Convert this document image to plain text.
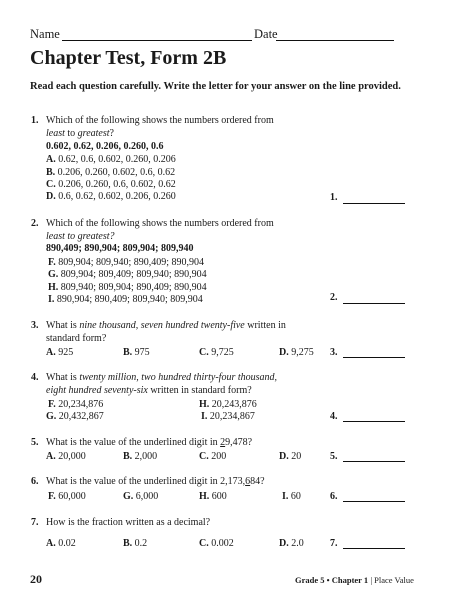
Name	Date
Chapter Test, Form 2B
Read each question carefully. Write the letter for your answer on the line provided.
1. Which of the following shows the numbers ordered from
least to greatest?
0.602, 0.62, 0.206, 0.260, 0.6
A. 0.62, 0.6, 0.602, 0.260, 0.206
B. 0.206, 0.260, 0.602, 0.6, 0.62
C. 0.206, 0.260, 0.6, 0.602, 0.62
D. 0.6, 0.62, 0.602, 0.206, 0.260	1.
2. Which of the following shows the numbers ordered from
least to greatest?
890,409; 890,904; 809,904; 809,940
F. 809,904; 809,940; 890,409; 890,904
G. 809,904; 809,409; 809,940; 890,904
H. 809,940; 809,904; 890,409; 890,904
I. 890,904; 890,409; 809,940; 809,904	2.
3. What is nine thousand, seven hundred twenty-five written in
standard form?
A. 925	B. 975	C. 9,725	D. 9,275 3.
4. What is twenty million, two hundred thirty-four thousand,
eight hundred seventy-six written in standard form?
F. 20,234,876	H. 20,243,876
G. 20,432,867	I. 20,234,867	4.
5. What is the value of the underlined digit in 29,478?
A. 20,000	B. 2,000	C. 200	D. 20	5.
6. What is the value of the underlined digit in 2,173,684?
F. 60,000	G. 6,000	H. 600	I. 60	6.
7. How is the fraction written as a decimal?
A. 0.02	B. 0.2	C. 0.002	D. 2.0	7.
20	Grade 5 • Chapter 1 | Place Value
